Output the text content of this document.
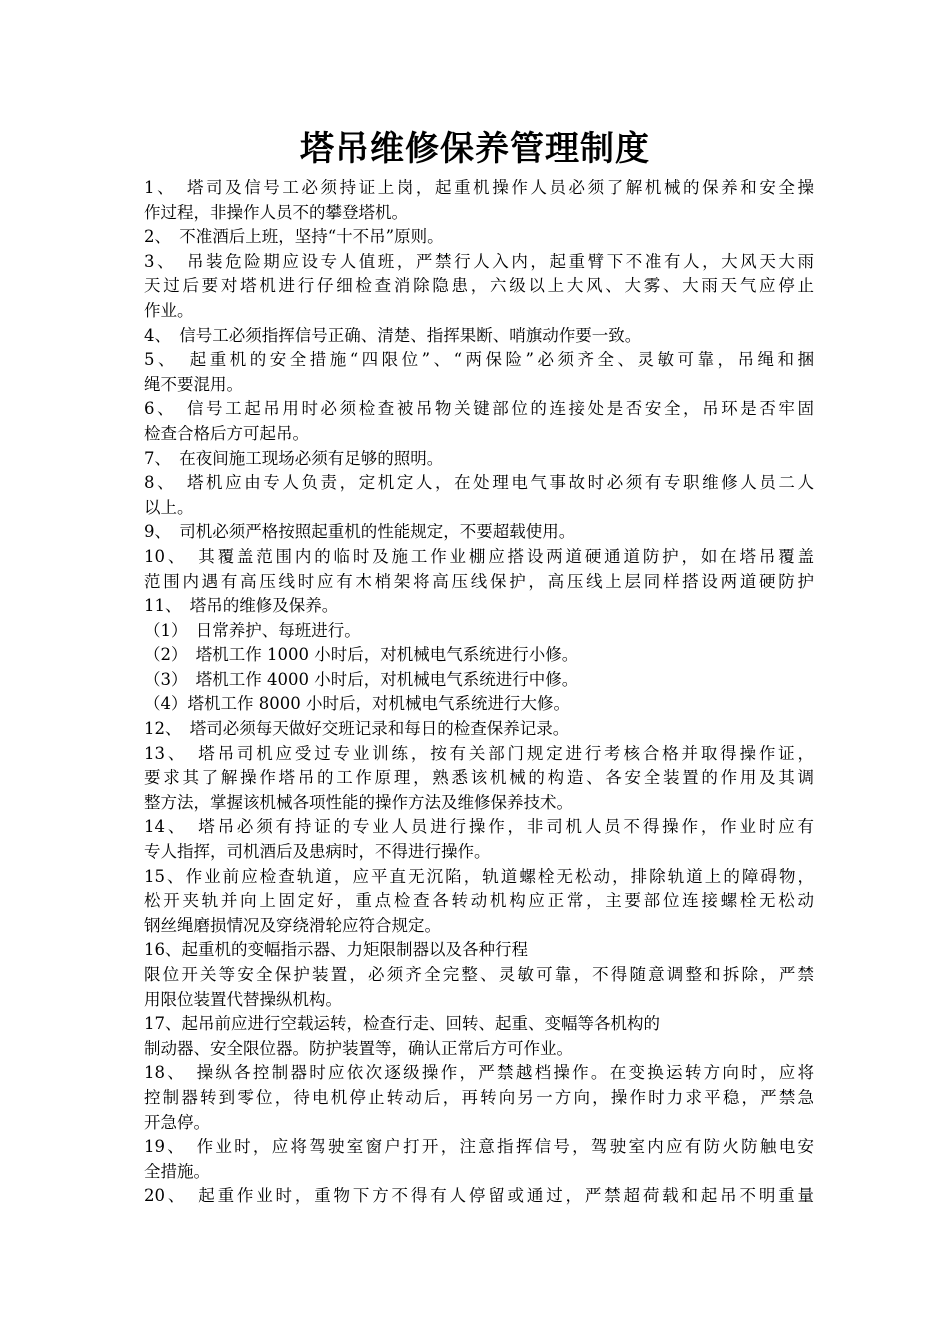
塔吊维修保养管理制度
1、　塔司及信号工必须持证上岗，起重机操作人员必须了解机械的保养和安全操
作过程，非操作人员不的攀登塔机。
2、　不准酒后上班，坚持“十不吊”原则。
3、　吊装危险期应设专人值班，严禁行人入内，起重臂下不准有人，大风天大雨
天过后要对塔机进行仔细检查消除隐患，六级以上大风、大雾、大雨天气应停止
作业。
4、　信号工必须指挥信号正确、清楚、指挥果断、哨旗动作要一致。
5、　起重机的安全措施“四限位”、“两保险”必须齐全、灵敏可靠，吊绳和捆
绳不要混用。
6、　信号工起吊用时必须检查被吊物关键部位的连接处是否安全，吊环是否牢固
检查合格后方可起吊。
7、　在夜间施工现场必须有足够的照明。
8、　塔机应由专人负责，定机定人，在处理电气事故时必须有专职维修人员二人
以上。
9、　司机必须严格按照起重机的性能规定，不要超载使用。
10、　其覆盖范围内的临时及施工作业棚应搭设两道硬通道防护，如在塔吊覆盖
范围内遇有高压线时应有木梢架将高压线保护，高压线上层同样搭设两道硬防护
11、　塔吊的维修及保养。
（1）　日常养护、每班进行。
（2）　塔机工作 1000 小时后，对机械电气系统进行小修。
（3）　塔机工作 4000 小时后，对机械电气系统进行中修。
（4）塔机工作 8000 小时后，对机械电气系统进行大修。
12、　塔司必须每天做好交班记录和每日的检查保养记录。
13、　塔吊司机应受过专业训练，按有关部门规定进行考核合格并取得操作证，
要求其了解操作塔吊的工作原理，熟悉该机械的构造、各安全装置的作用及其调
整方法，掌握该机械各项性能的操作方法及维修保养技术。
14、　塔吊必须有持证的专业人员进行操作，非司机人员不得操作，作业时应有
专人指挥，司机酒后及患病时，不得进行操作。
15、作业前应检查轨道，应平直无沉陷，轨道螺栓无松动，排除轨道上的障碍物，
松开夹轨并向上固定好，重点检查各转动机构应正常，主要部位连接螺栓无松动
钢丝绳磨损情况及穿绕滑轮应符合规定。
16、起重机的变幅指示器、力矩限制器以及各种行程
限位开关等安全保护装置，必须齐全完整、灵敏可靠，不得随意调整和拆除，严禁
用限位装置代替操纵机构。
17、起吊前应进行空载运转，检查行走、回转、起重、变幅等各机构的
制动器、安全限位器。防护装置等，确认正常后方可作业。
18、　操纵各控制器时应依次逐级操作，严禁越档操作。在变换运转方向时，应将
控制器转到零位，待电机停止转动后，再转向另一方向，操作时力求平稳，严禁急
开急停。
19、　作业时，应将驾驶室窗户打开，注意指挥信号，驾驶室内应有防火防触电安
全措施。
20、　起重作业时，重物下方不得有人停留或通过，严禁超荷载和起吊不明重量
